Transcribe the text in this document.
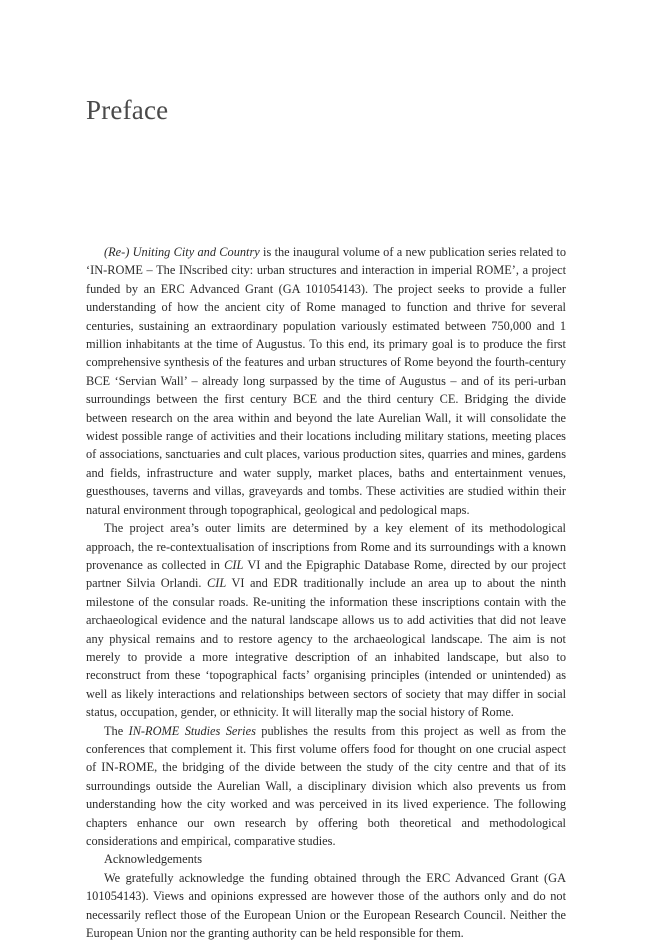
Preface

(Re-) Uniting City and Country is the inaugural volume of a new publication series related to ‘IN-ROME – The INscribed city: urban structures and interaction in imperial ROME’, a project funded by an ERC Advanced Grant (GA 101054143). The project seeks to provide a fuller understanding of how the ancient city of Rome managed to function and thrive for several centuries, sustaining an extraordinary population variously estimated between 750,000 and 1 million inhabitants at the time of Augustus. To this end, its primary goal is to produce the first comprehensive synthesis of the features and urban structures of Rome beyond the fourth-century BCE ‘Servian Wall’ – already long surpassed by the time of Augustus – and of its peri-urban surroundings between the first century BCE and the third century CE. Bridging the divide between research on the area within and beyond the late Aurelian Wall, it will consolidate the widest possible range of activities and their locations including military stations, meeting places of associations, sanctuaries and cult places, various production sites, quarries and mines, gardens and fields, infrastructure and water supply, market places, baths and entertainment venues, guesthouses, taverns and villas, graveyards and tombs. These activities are studied within their natural environment through topographical, geological and pedological maps.

The project area’s outer limits are determined by a key element of its methodological approach, the re-contextualisation of inscriptions from Rome and its surroundings with a known provenance as collected in CIL VI and the Epigraphic Database Rome, directed by our project partner Silvia Orlandi. CIL VI and EDR traditionally include an area up to about the ninth milestone of the consular roads. Re-uniting the information these inscriptions contain with the archaeological evidence and the natural landscape allows us to add activities that did not leave any physical remains and to restore agency to the archaeological landscape. The aim is not merely to provide a more integrative description of an inhabited landscape, but also to reconstruct from these ‘topographical facts’ organising principles (intended or unintended) as well as likely interactions and relationships between sectors of society that may differ in social status, occupation, gender, or ethnicity. It will literally map the social history of Rome.

The IN-ROME Studies Series publishes the results from this project as well as from the conferences that complement it. This first volume offers food for thought on one crucial aspect of IN-ROME, the bridging of the divide between the study of the city centre and that of its surroundings outside the Aurelian Wall, a disciplinary division which also prevents us from understanding how the city worked and was perceived in its lived experience. The following chapters enhance our own research by offering both theoretical and methodological considerations and empirical, comparative studies.

Acknowledgements

We gratefully acknowledge the funding obtained through the ERC Advanced Grant (GA 101054143). Views and opinions expressed are however those of the authors only and do not necessarily reflect those of the European Union or the European Research Council. Neither the European Union nor the granting authority can be held responsible for them.
